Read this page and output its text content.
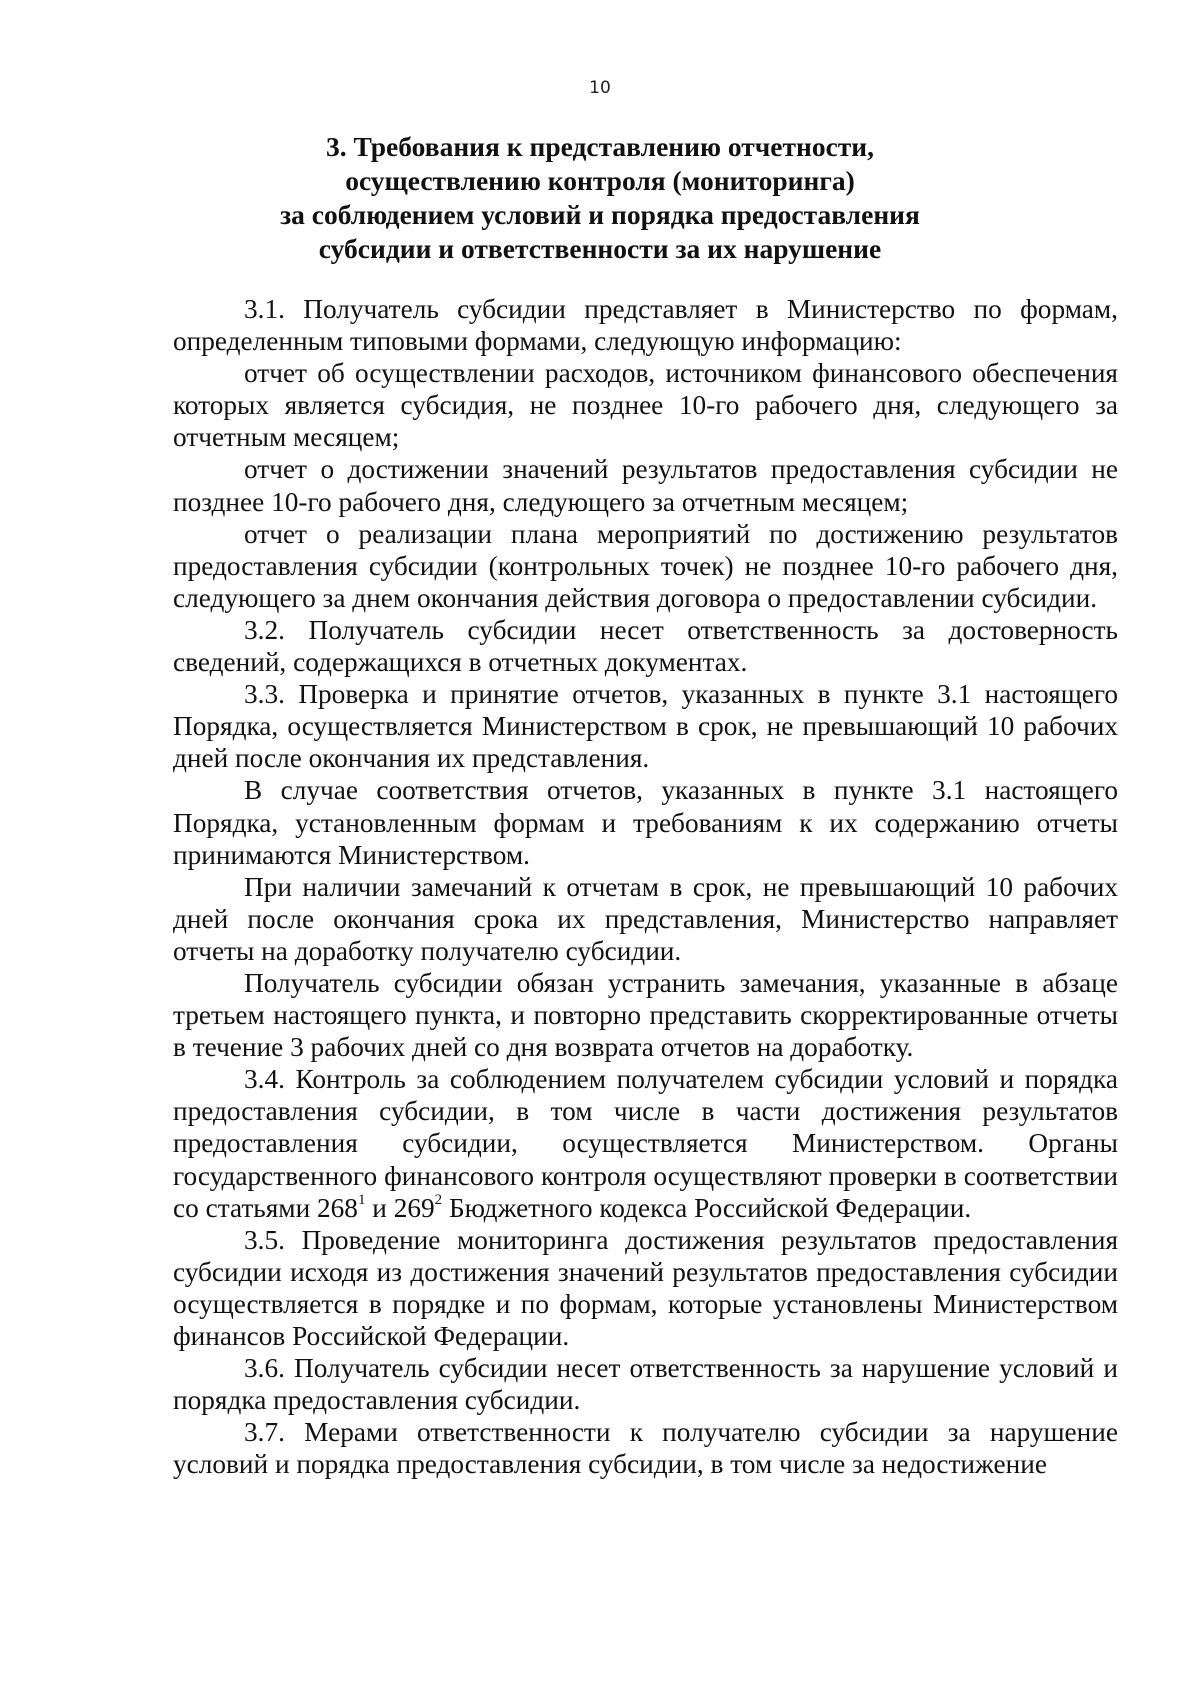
10
3. Требования к представлению отчетности,
осуществлению контроля (мониторинга)
за соблюдением условий и порядка предоставления
субсидии и ответственности за их нарушение

3.1. Получатель субсидии представляет в Министерство по формам, определенным типовыми формами, следующую информацию:

отчет об осуществлении расходов, источником финансового обеспечения которых является субсидия, не позднее 10-го рабочего дня, следующего за отчетным месяцем;

отчет о достижении значений результатов предоставления субсидии не позднее 10-го рабочего дня, следующего за отчетным месяцем;

отчет о реализации плана мероприятий по достижению результатов предоставления субсидии (контрольных точек) не позднее 10-го рабочего дня, следующего за днем окончания действия договора о предоставлении субсидии.

3.2. Получатель субсидии несет ответственность за достоверность сведений, содержащихся в отчетных документах.

3.3. Проверка и принятие отчетов, указанных в пункте 3.1 настоящего Порядка, осуществляется Министерством в срок, не превышающий 10 рабочих дней после окончания их представления.

В случае соответствия отчетов, указанных в пункте 3.1 настоящего Порядка, установленным формам и требованиям к их содержанию отчеты принимаются Министерством.

При наличии замечаний к отчетам в срок, не превышающий 10 рабочих дней после окончания срока их представления, Министерство направляет отчеты на доработку получателю субсидии.

Получатель субсидии обязан устранить замечания, указанные в абзаце третьем настоящего пункта, и повторно представить скорректированные отчеты в течение 3 рабочих дней со дня возврата отчетов на доработку.

3.4. Контроль за соблюдением получателем субсидии условий и порядка предоставления субсидии, в том числе в части достижения результатов предоставления субсидии, осуществляется Министерством. Органы государственного финансового контроля осуществляют проверки в соответствии со статьями $268^1$ и $269^2$ Бюджетного кодекса Российской Федерации.

3.5. Проведение мониторинга достижения результатов предоставления субсидии исходя из достижения значений результатов предоставления субсидии осуществляется в порядке и по формам, которые установлены Министерством финансов Российской Федерации.

3.6. Получатель субсидии несет ответственность за нарушение условий и порядка предоставления субсидии.

3.7. Мерами ответственности к получателю субсидии за нарушение условий и порядка предоставления субсидии, в том числе за недостижение
